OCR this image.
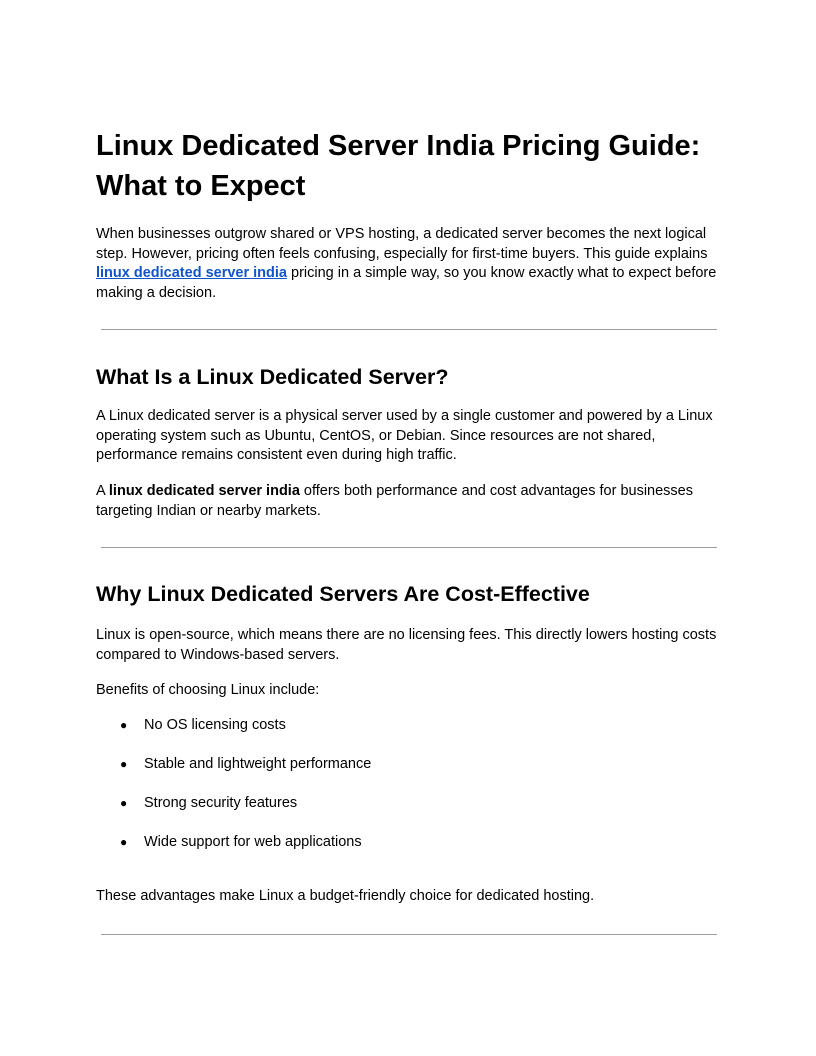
Linux Dedicated Server India Pricing Guide: What to Expect

When businesses outgrow shared or VPS hosting, a dedicated server becomes the next logical step. However, pricing often feels confusing, especially for first-time buyers. This guide explains linux dedicated server india pricing in a simple way, so you know exactly what to expect before making a decision.

What Is a Linux Dedicated Server?

A Linux dedicated server is a physical server used by a single customer and powered by a Linux operating system such as Ubuntu, CentOS, or Debian. Since resources are not shared, performance remains consistent even during high traffic.

A linux dedicated server india offers both performance and cost advantages for businesses targeting Indian or nearby markets.

Why Linux Dedicated Servers Are Cost-Effective

Linux is open-source, which means there are no licensing fees. This directly lowers hosting costs compared to Windows-based servers.

Benefits of choosing Linux include:

● No OS licensing costs
● Stable and lightweight performance
● Strong security features
● Wide support for web applications

These advantages make Linux a budget-friendly choice for dedicated hosting.
